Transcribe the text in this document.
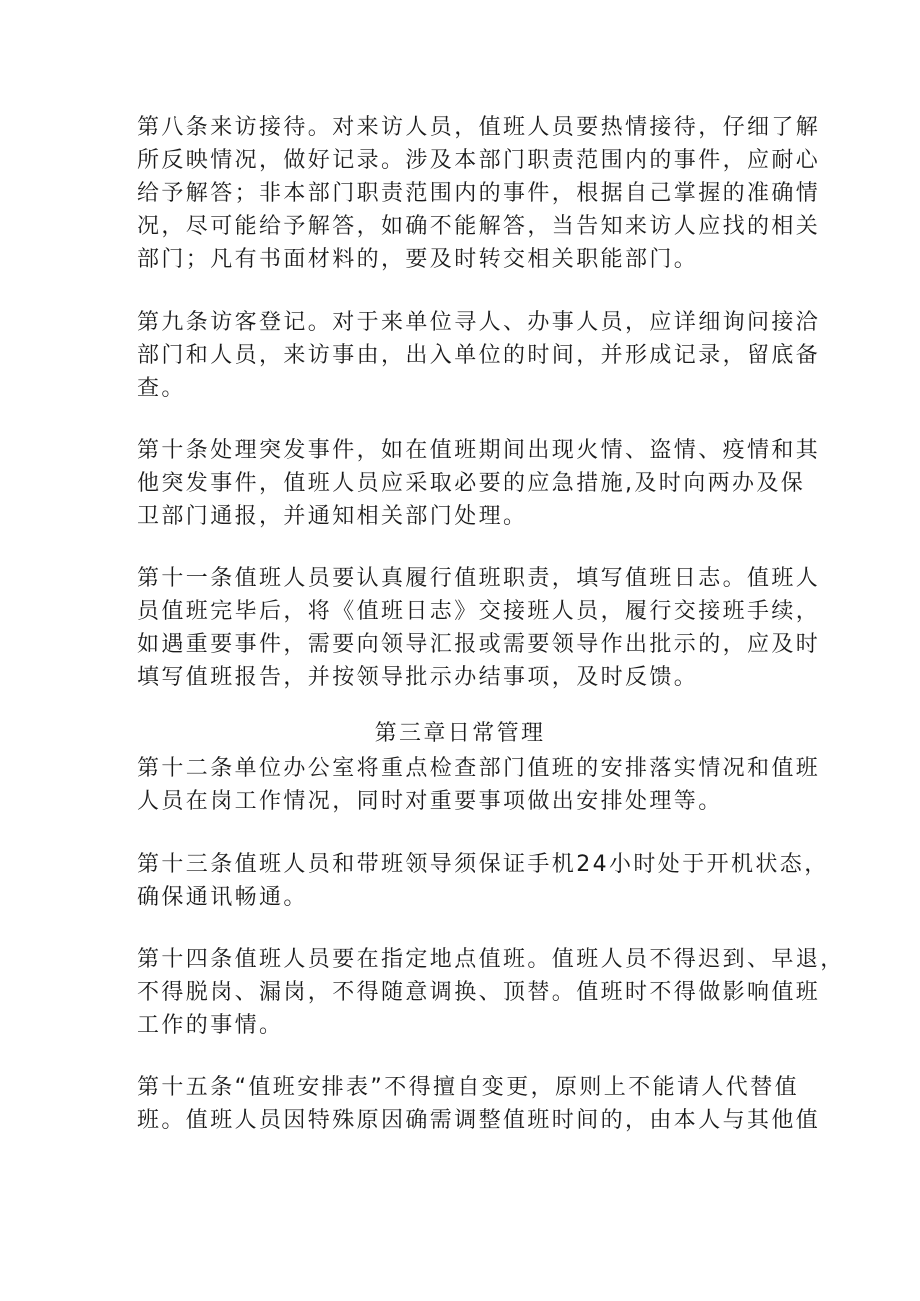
第八条来访接待。对来访人员，值班人员要热情接待，仔细了解
所反映情况，做好记录。涉及本部门职责范围内的事件，应耐心
给予解答；非本部门职责范围内的事件，根据自己掌握的准确情
况，尽可能给予解答，如确不能解答，当告知来访人应找的相关
部门；凡有书面材料的，要及时转交相关职能部门。
第九条访客登记。对于来单位寻人、办事人员，应详细询问接洽
部门和人员，来访事由，出入单位的时间，并形成记录，留底备
查。
第十条处理突发事件，如在值班期间出现火情、盗情、疫情和其
他突发事件，值班人员应采取必要的应急措施,及时向两办及保
卫部门通报，并通知相关部门处理。
第十一条值班人员要认真履行值班职责，填写值班日志。值班人
员值班完毕后，将《值班日志》交接班人员，履行交接班手续，
如遇重要事件，需要向领导汇报或需要领导作出批示的，应及时
填写值班报告，并按领导批示办结事项，及时反馈。
第三章日常管理
第十二条单位办公室将重点检查部门值班的安排落实情况和值班
人员在岗工作情况，同时对重要事项做出安排处理等。
第十三条值班人员和带班领导须保证手机24小时处于开机状态，
确保通讯畅通。
第十四条值班人员要在指定地点值班。值班人员不得迟到、早退，
不得脱岗、漏岗，不得随意调换、顶替。值班时不得做影响值班
工作的事情。
第十五条“值班安排表”不得擅自变更，原则上不能请人代替值
班。值班人员因特殊原因确需调整值班时间的，由本人与其他值
